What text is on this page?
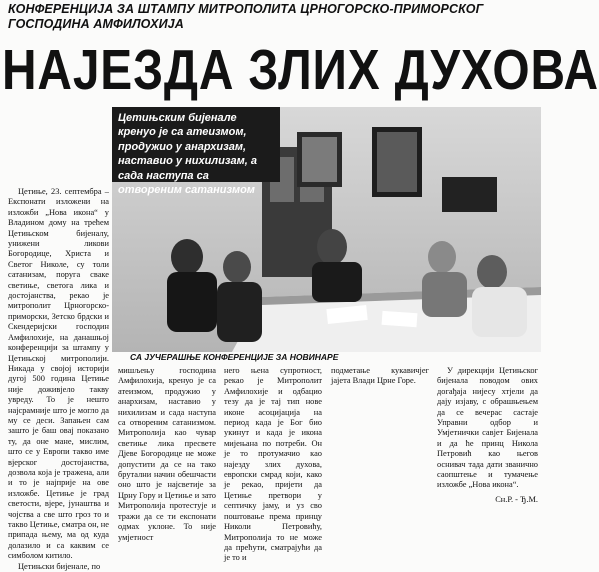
КОНФЕРЕНЦИЈА ЗА ШТАМПУ МИТРОПОЛИТА ЦРНОГОРСКО-ПРИМОРСКОГ ГОСПОДИНА АМФИЛОХИЈА
НАЈЕЗДА ЗЛИХ ДУХОВА
Цетињским бијенале кренуо је са атеизмом, продужио у анархизам, наставио у нихилизам, а сада наступа са отвореним сатанизмом
СА ЈУЧЕРАШЊЕ КОНФЕРЕНЦИЈЕ ЗА НОВИНАРЕ

Цетиње, 23. септембра – Експонати изложени на изложби „Нова икона“ у Владином дому на трећем Цетињском бијеналу, унижени ликови Богородице, Христа и Светог Николе, су толи сатанизам, поруга сваке светиње, светога лика и достојанства, рекао је митрополит Црногорско-приморски, Зетско брдски и Скендеријски господин Амфилохије, на данашњој конференцији за штампу у Цетињској митрополији. Никада у својој историји дугој 500 година Цетиње није доживјело такву увреду. То је нешто најсрамније што је могло да му се деси. Запањен сам зашто је баш овај показано ту, да оне мане, мислим, што се у Европи такво име вјерског достојанства, дозвола која је тражена, али и то је најприје на ове изложбе. Цетиње је град светости, вјере, јунаштва и чојства а све што гроз то и такво Цетиње, сматра он, не припада њему, ма од куда долазило и са каквим се симболом китило.

Цетињски бијенале, по

мишљењу господина Амфилохија, кренуо је са атеизмом, продужио у анархизам, наставио у нихилизам и сада наступа са отвореним сатанизмом. Митрополија као чувар светиње лика пресвете Дјеве Богородице не може допустити да се на тако брутални начин обешчасти оно што је најсветије за Црну Гору и Цетиње и зато Митрополија протестује и тражи да се ти експонати одмах уклоне. То није умјетност

него њена супротност, рекао је Митрополит Амфилохије и одбацио тезу да је тај тип нове иконе асоцијација на период када је Бог био укинут и када је икона мијењана по потреби. Он је то протумачио као најезду злих духова, европски смрад који, како је рекао, пријети да Цетиње претвори у септичку јаму, и уз сво поштовање према принцу Николи Петровићу, Митрополија то не може да прећути, сматрајући да је то и

подметање кукавичјег јајета Влади Црне Горе.

У дирекцији Цетињског бијенала поводом ових догађаја нијесу хтјели да дају изјаву, с обрашњењем да се вечерас састаје Управни одбор и Умјетнички савјет Бијенала и да ће принц Никола Петровић као његов оснивач тада дати званично саопштење и тумачење изложбе „Нова икона“.

Сн.Р. - Ђ.М.
